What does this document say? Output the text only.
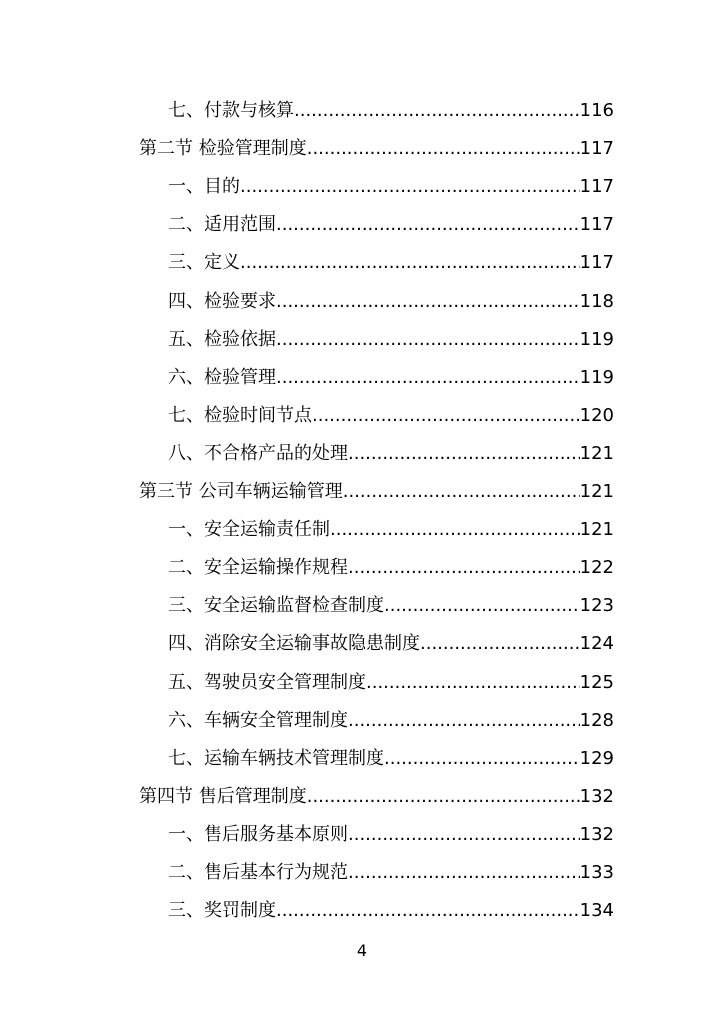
七、付款与核算 .....	116
第二节 检验管理制度 .....	117
一、目的 .....	117
二、适用范围 .....	117
三、定义 .....	117
四、检验要求 .....	118
五、检验依据 .....	119
六、检验管理 .....	119
七、检验时间节点 .....	120
八、不合格产品的处理 .....	121
第三节 公司车辆运输管理 .....	121
一、安全运输责任制 .....	121
二、安全运输操作规程 .....	122
三、安全运输监督检查制度 .....	123
四、消除安全运输事故隐患制度 .....	124
五、驾驶员安全管理制度 .....	125
六、车辆安全管理制度 .....	128
七、运输车辆技术管理制度 .....	129
第四节 售后管理制度 .....	132
一、售后服务基本原则 .....	132
二、售后基本行为规范 .....	133
三、奖罚制度 .....	134
4
